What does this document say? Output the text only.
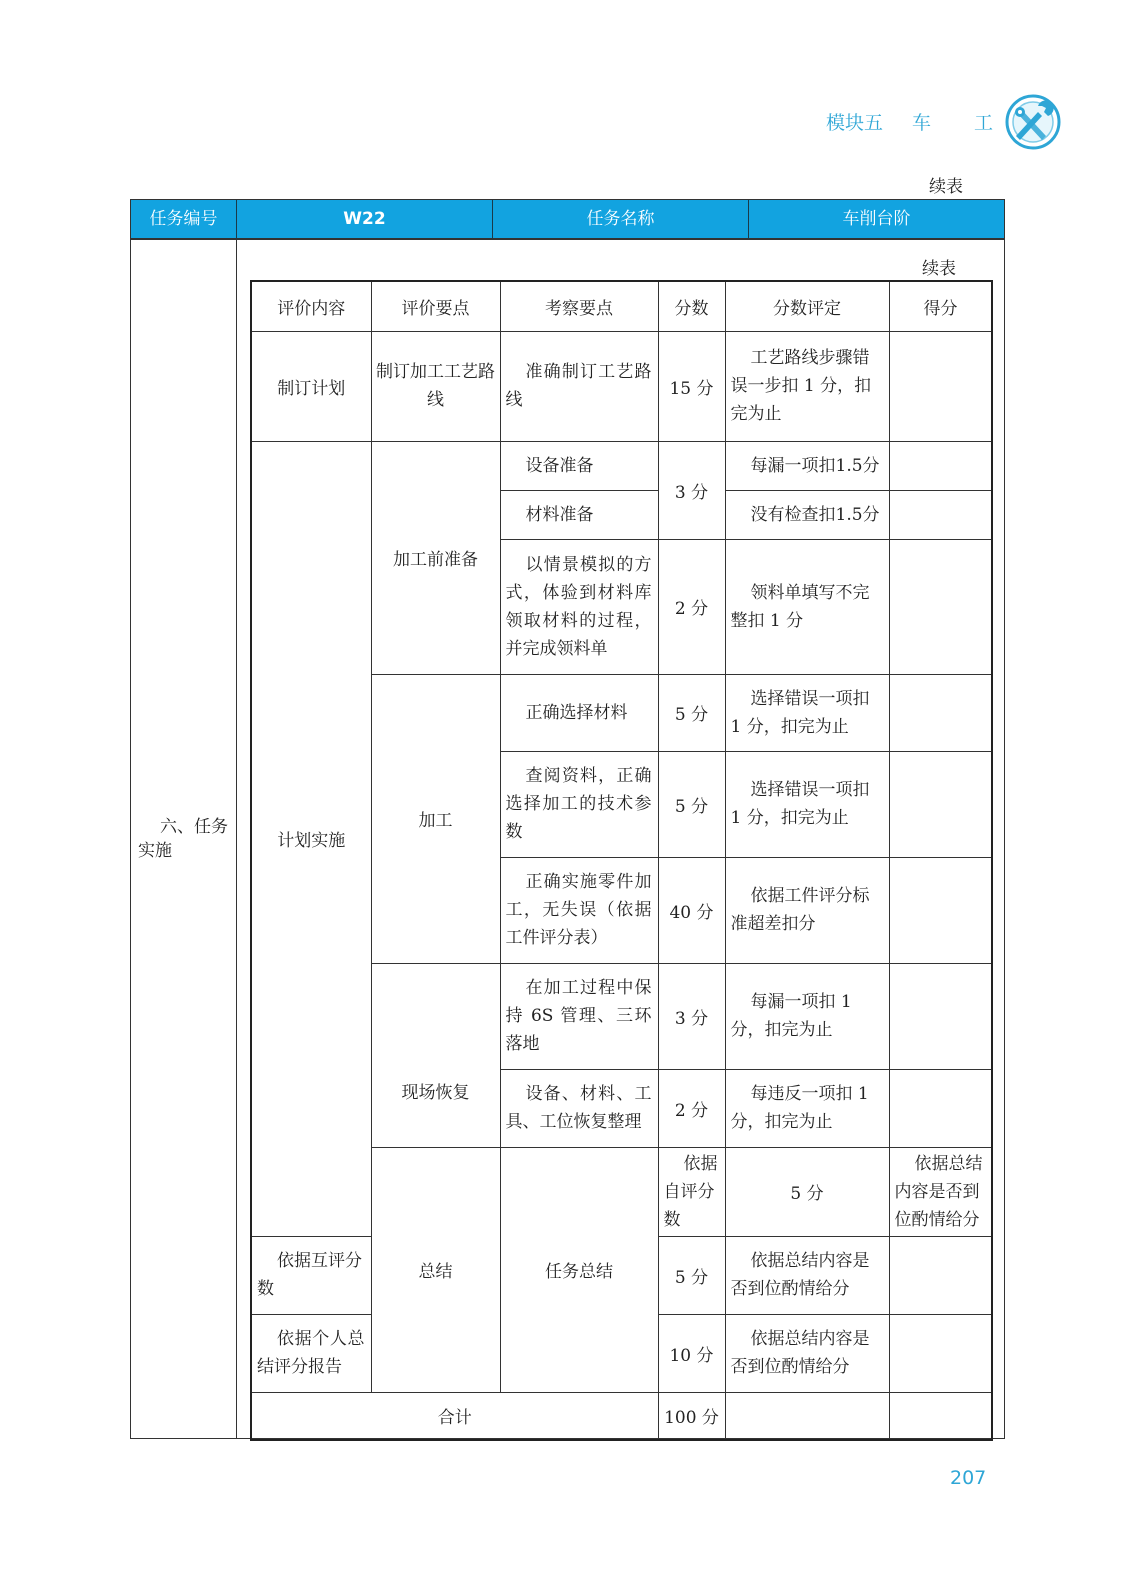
模块五 车 工
续表
任务编号	W22	任务名称	车削台阶
六、任务
实施
续表
评价内容	评价要点	考察要点	分数	分数评定	得分	
制订计划	制订加工工艺路线	准确制订工艺路线	15 分	工艺路线步骤错误一步扣 1 分，扣完为止		
计划实施	加工前准备	设备准备	3 分	每漏一项扣1.5分		
		材料准备		没有检查扣1.5分		
		以情景模拟的方式，体验到材料库领取材料的过程，并完成领料单	2 分	领料单填写不完整扣 1 分		
	加工	正确选择材料	5 分	选择错误一项扣 1 分，扣完为止		
		查阅资料，正确选择加工的技术参数	5 分	选择错误一项扣 1 分，扣完为止		
		正确实施零件加工，无失误（依据工件评分表）	40 分	依据工件评分标准超差扣分		
	现场恢复	在加工过程中保持 6S 管理、三环落地	3 分	每漏一项扣 1 分，扣完为止		
		设备、材料、工具、工位恢复整理	2 分	每违反一项扣 1 分，扣完为止		
	总结	任务总结	依据自评分数	5 分	依据总结内容是否到位酌情给分	
依据互评分数			5 分	依据总结内容是否到位酌情给分		
依据个人总结评分报告			10 分	依据总结内容是否到位酌情给分		
合计			100 分			
207
